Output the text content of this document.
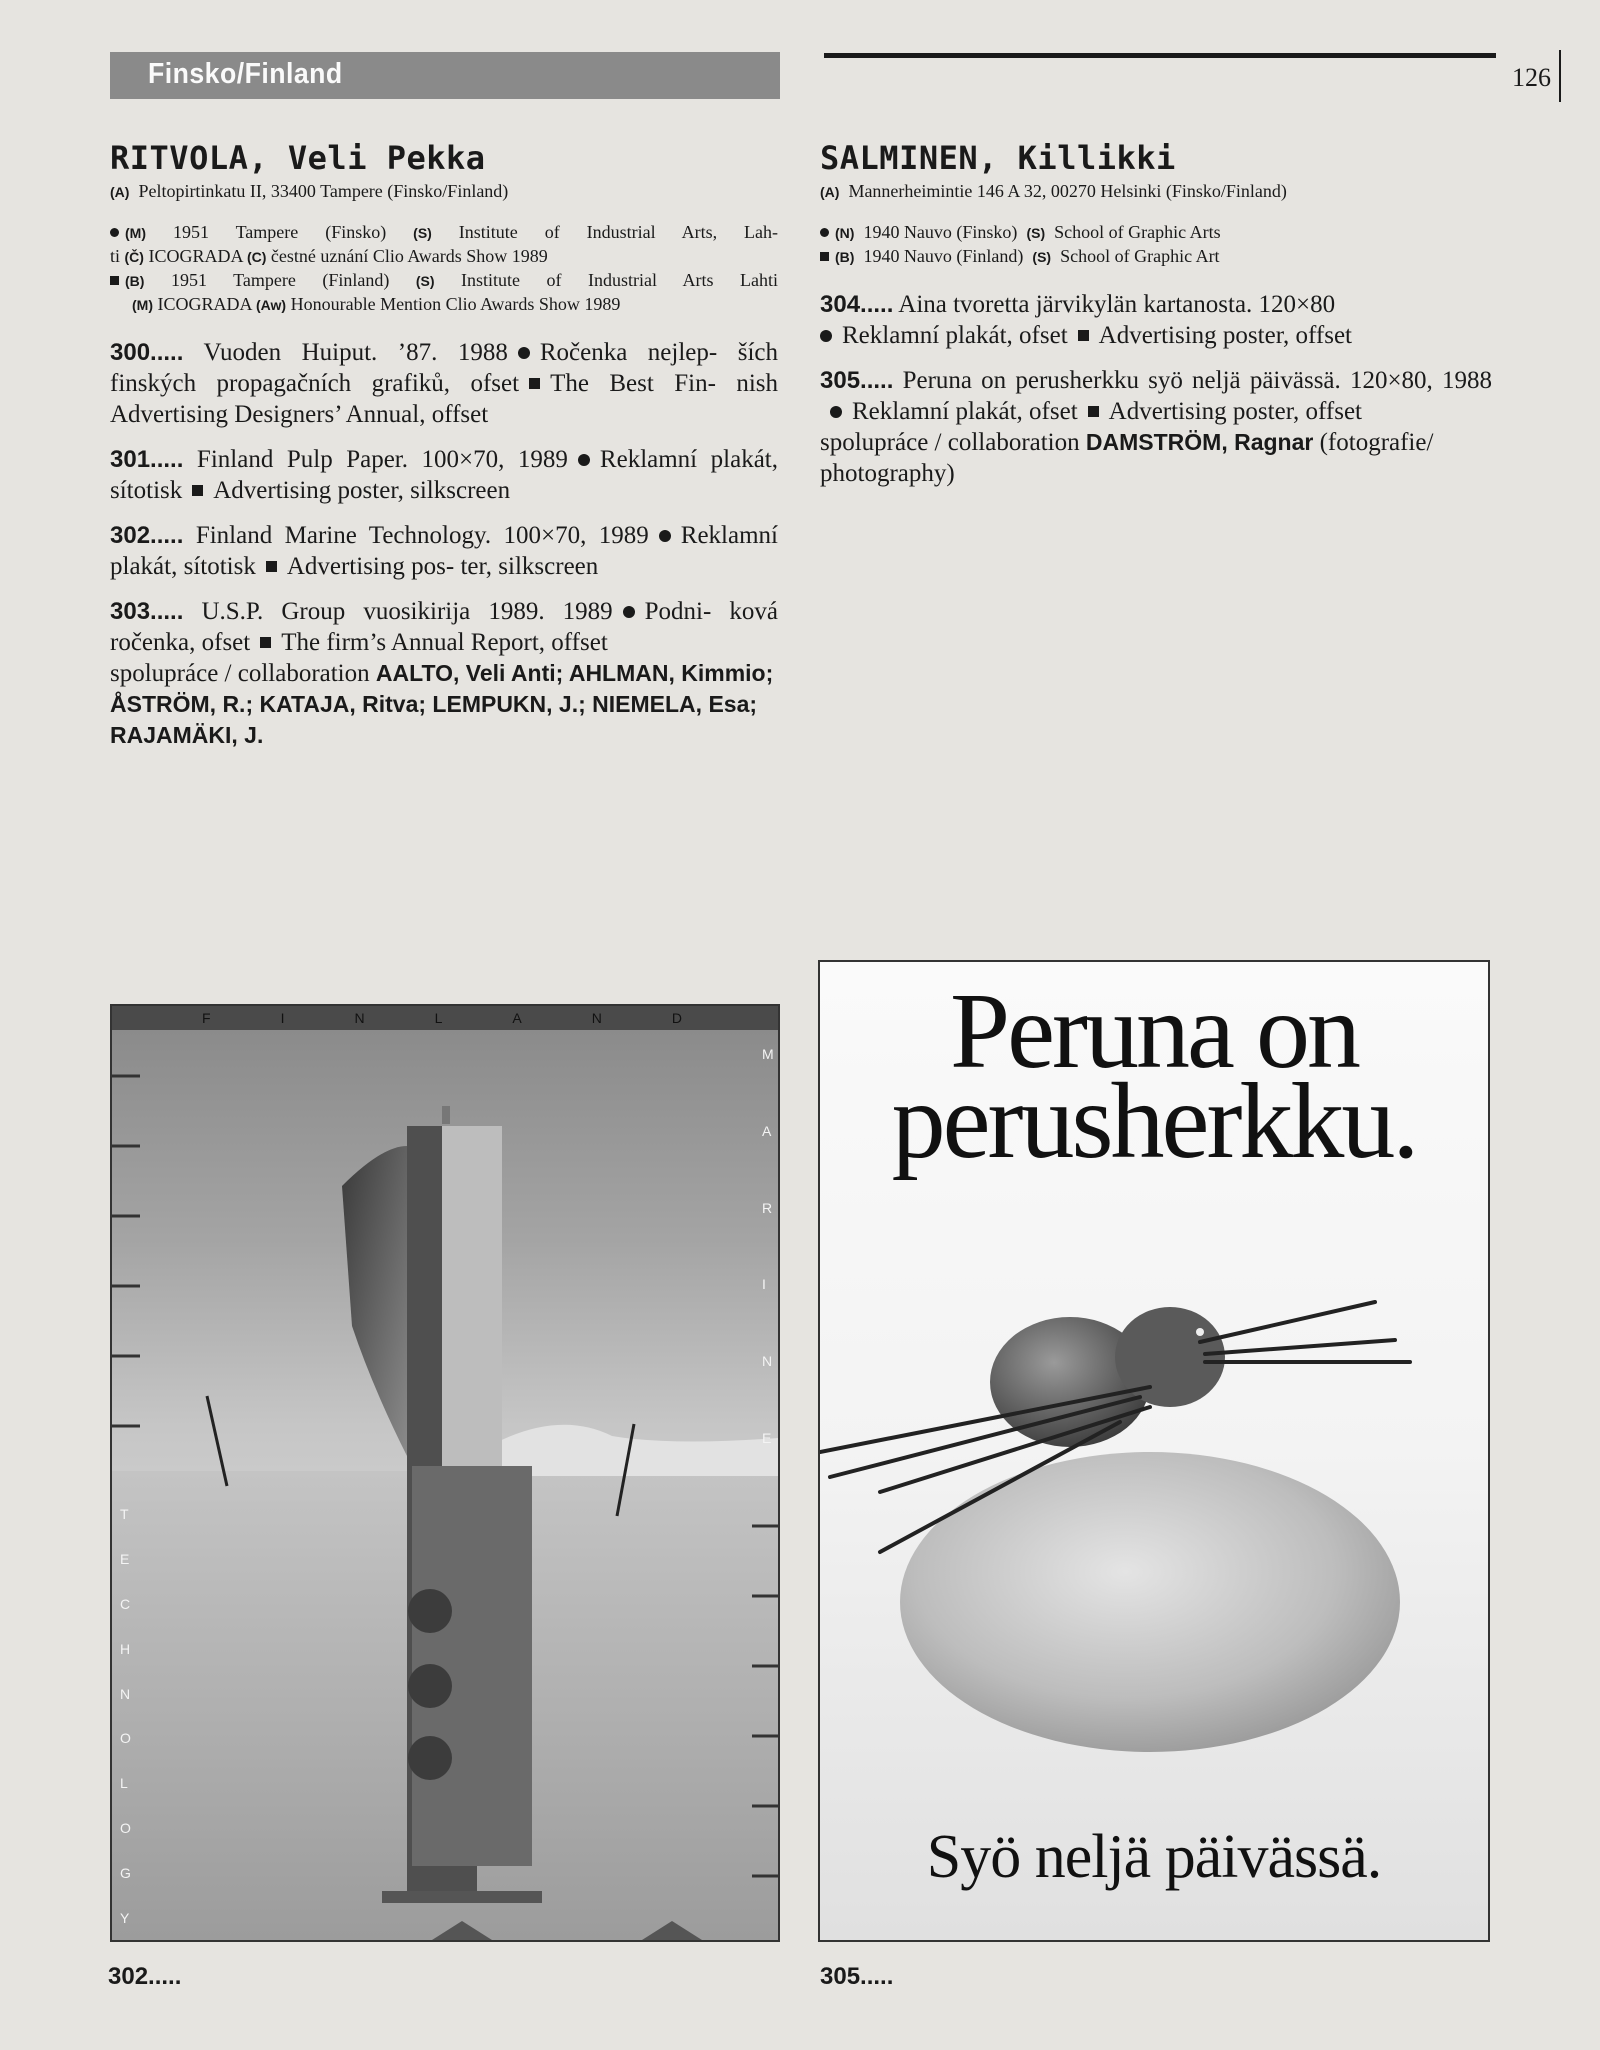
Finsko/Finland	126
RITVOLA, Veli Pekka

(A) Peltopirtinkatu II, 33400 Tampere (Finsko/Finland)

(M) 1951 Tampere (Finsko) (S) Institute of Industrial Arts, Lah-

ti (Č) ICOGRADA (C) čestné uznání Clio Awards Show 1989

(B) 1951 Tampere (Finland) (S) Institute of Industrial Arts Lahti

(M) ICOGRADA (Aw) Honourable Mention Clio Awards Show 1989

300..... Vuoden Huiput. ’87. 1988 Ročenka nejlep- ších finských propagačních grafiků, ofset The Best Fin- nish Advertising Designers’ Annual, offset

301..... Finland Pulp Paper. 100×70, 1989 Reklamní plakát, sítotisk Advertising poster, silkscreen

302..... Finland Marine Technology. 100×70, 1989 Reklamní plakát, sítotisk Advertising pos- ter, silkscreen

303..... U.S.P. Group vuosikirija 1989. 1989 Podni- ková ročenka, ofset The firm’s Annual Report, offset

spolupráce / collaboration AALTO, Veli Anti; AHLMAN, Kimmio;
ÅSTRÖM, R.; KATAJA, Ritva; LEMPUKN, J.; NIEMELA, Esa;
RAJAMÄKI, J.

SALMINEN, Killikki

(A) Mannerheimintie 146 A 32, 00270 Helsinki (Finsko/Finland)

(N) 1940 Nauvo (Finsko) (S) School of Graphic Arts

(B) 1940 Nauvo (Finland) (S) School of Graphic Art

304..... Aina tvoretta järvikylän kartanosta. 120×80
Reklamní plakát, ofset Advertising poster, offset

305..... Peruna on perusherkku syö neljä päivässä. 120×80, 1988Reklamní plakát, ofset Advertising poster, offset

spolupráce / collaboration DAMSTRÖM, Ragnar (fotografie/
photography)

F	I	N	L	A	N	D
M
A
R
I
N
E
T
E
C
H
N
O
L
O
G
Y
Peruna on
perusherkku.
Syö neljä päivässä.
302.....	305.....
